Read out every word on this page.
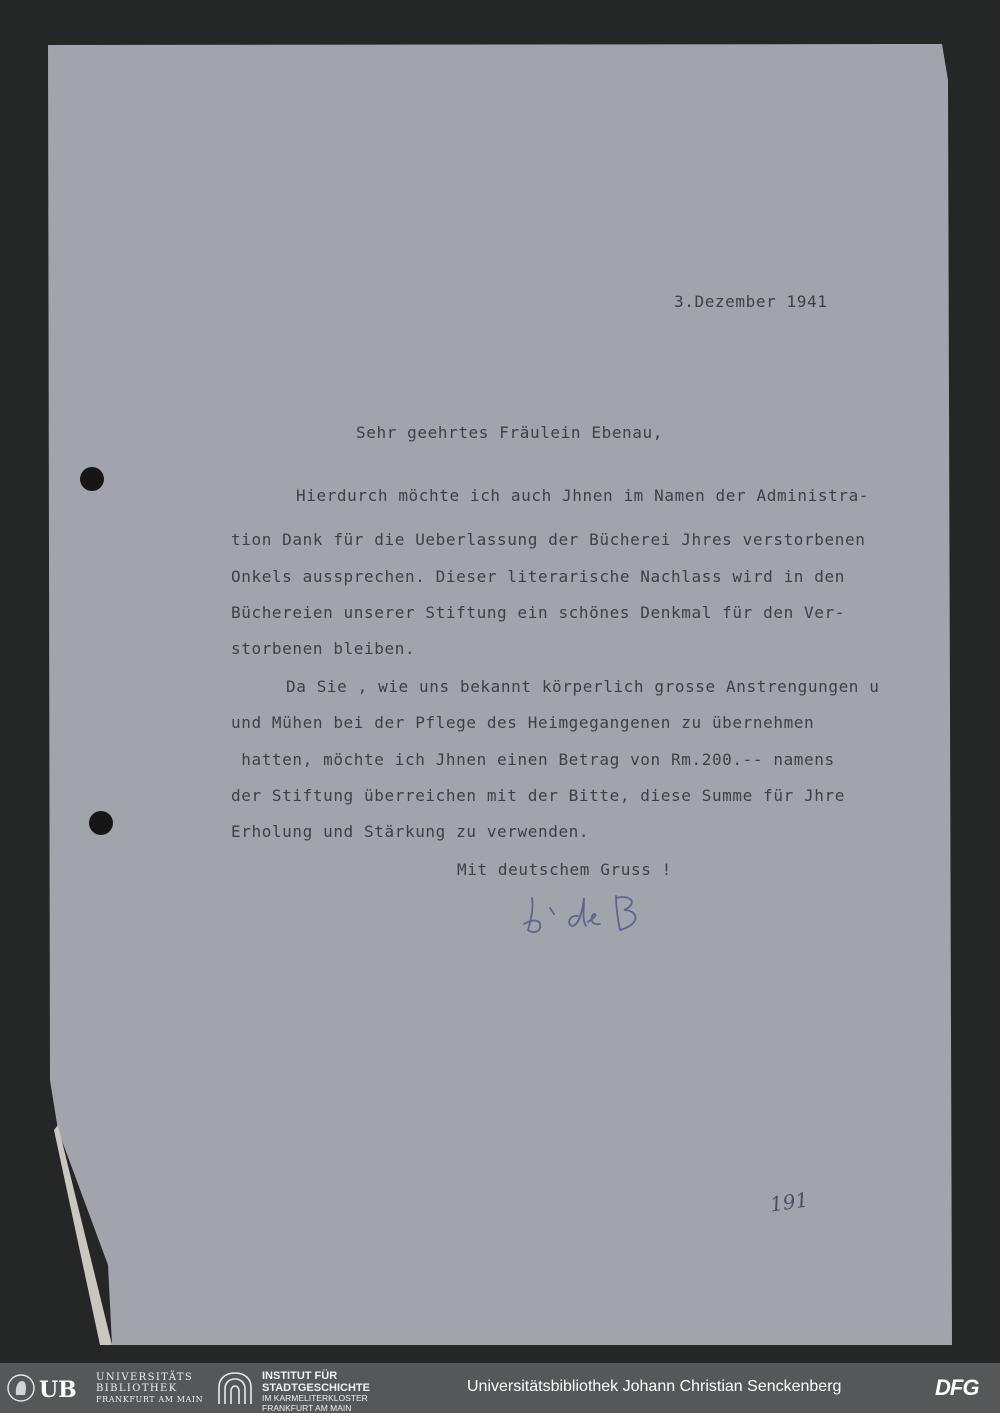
3.Dezember 1941
Sehr geehrtes Fräulein Ebenau,
Hierdurch möchte ich auch Jhnen im Namen der Administra-
tion Dank für die Ueberlassung der Bücherei Jhres verstorbenen
Onkels aussprechen. Dieser literarische Nachlass wird in den
Büchereien unserer Stiftung ein schönes Denkmal für den Ver-
storbenen bleiben.
Da Sie , wie uns bekannt körperlich grosse Anstrengungen u
und Mühen bei der Pflege des Heimgegangenen zu übernehmen
hatten, möchte ich Jhnen einen Betrag von Rm.200.-- namens
der Stiftung überreichen mit der Bitte, diese Summe für Jhre
Erholung und Stärkung zu verwenden.
Mit deutschem Gruss !
191
UB UNIVERSITÄTS
BIBLIOTHEK
FRANKFURT AM MAIN
INSTITUT FÜR
STADTGESCHICHTE
IM KARMELITERKLOSTER
FRANKFURT AM MAIN
Universitätsbibliothek Johann Christian Senckenberg	DFG
